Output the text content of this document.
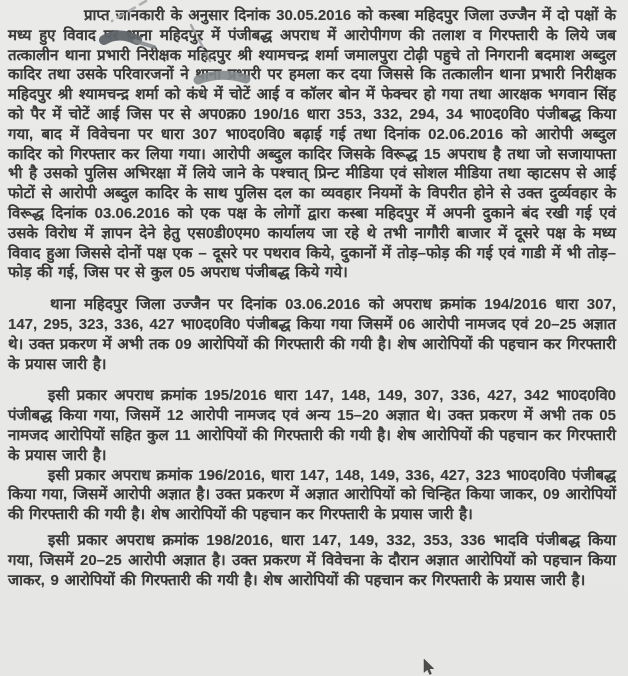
प्राप्त जानकारी के अनुसार दिनांक 30.05.2016 को कस्बा महिदपुर जिला उज्जैन में दो पक्षों के मध्य हुए विवाद पर थाना महिदपुर में पंजीबद्ध अपराध में आरोपीगण की तलाश व गिरफ्तारी के लिये जब तत्कालीन थाना प्रभारी निरीक्षक महिदपुर श्री श्यामचन्द्र शर्मा जमालपुरा टोढ़ी पहुचे तो निगरानी बदमाश अब्दुल कादिर तथा उसके परिवारजनों ने थाना प्रभारी पर हमला कर दया जिससे कि तत्कालीन थाना प्रभारी निरीक्षक महिदपुर श्री श्यामचन्द्र शर्मा को कंधे में चोटें आई व कॉलर बोन में फेक्चर हो गया तथा आरक्षक भगवान सिंह को पैर में चोटें आई जिस पर से अप0क्र0 190/16 धारा 353, 332, 294, 34 भा0द0वि0 पंजीबद्ध किया गया, बाद में विवेचना पर धारा 307 भा0द0वि0 बढ़ाई गई तथा दिनांक 02.06.2016 को आरोपी अब्दुल कादिर को गिरफ्तार कर लिया गया। आरोपी अब्दुल कादिर जिसके विरूद्ध 15 अपराध है तथा जो सजायाफ्ता भी है उसको पुलिस अभिरक्षा में लिये जाने के पश्चात् प्रिन्ट मीडिया एवं सोशल मीडिया तथा व्हाटसप से आई फोटों से आरोपी अब्दुल कादिर के साथ पुलिस दल का व्यवहार नियमों के विपरीत होने से उक्त दुर्व्यवहार के विरूद्ध दिनांक 03.06.2016 को एक पक्ष के लोगों द्वारा कस्बा महिदपुर में अपनी दुकाने बंद रखी गई एवं उसके विरोध में ज्ञापन देने हेतु एस0डी0एम0 कार्यालय जा रहे थे तभी नागौरी बाजार में दूसरे पक्ष के मध्य विवाद हुआ जिससे दोनों पक्ष एक – दूसरे पर पथराव किये, दुकानों में तोड़–फोड़ की गई एवं गाडी में भी तोड़–फोड़ की गई, जिस पर से कुल 05 अपराध पंजीबद्ध किये गये।

थाना महिदपुर जिला उज्जैन पर दिनांक 03.06.2016 को अपराध क्रमांक 194/2016 धारा 307, 147, 295, 323, 336, 427 भा0द0वि0 पंजीबद्ध किया गया जिसमें 06 आरोपी नामजद एवं 20–25 अज्ञात थे। उक्त प्रकरण में अभी तक 09 आरोपियों की गिरफ्तारी की गयी है। शेष आरोपियों की पहचान कर गिरफ्तारी के प्रयास जारी है।

इसी प्रकार अपराध क्रमांक 195/2016 धारा 147, 148, 149, 307, 336, 427, 342 भा0द0वि0 पंजीबद्ध किया गया, जिसमें 12 आरोपी नामजद एवं अन्य 15–20 अज्ञात थे। उक्त प्रकरण में अभी तक 05 नामजद आरोपियों सहित कुल 11 आरोपियों की गिरफ्तारी की गयी है। शेष आरोपियों की पहचान कर गिरफ्तारी के प्रयास जारी है।

इसी प्रकार अपराध क्रमांक 196/2016, धारा 147, 148, 149, 336, 427, 323 भा0द0वि0 पंजीबद्ध किया गया, जिसमें आरोपी अज्ञात है। उक्त प्रकरण में अज्ञात आरोपियों को चिन्हित किया जाकर, 09 आरोपियों की गिरफ्तारी की गयी है। शेष आरोपियों की पहचान कर गिरफ्तारी के प्रयास जारी है।

इसी प्रकार अपराध क्रमांक 198/2016, धारा 147, 149, 332, 353, 336 भादवि पंजीबद्ध किया गया, जिसमें 20–25 आरोपी अज्ञात है। उक्त प्रकरण में विवेचना के दौरान अज्ञात आरोपियों को पहचान किया जाकर, 9 आरोपियों की गिरफ्तारी की गयी है। शेष आरोपियों की पहचान कर गिरफ्तारी के प्रयास जारी है।
